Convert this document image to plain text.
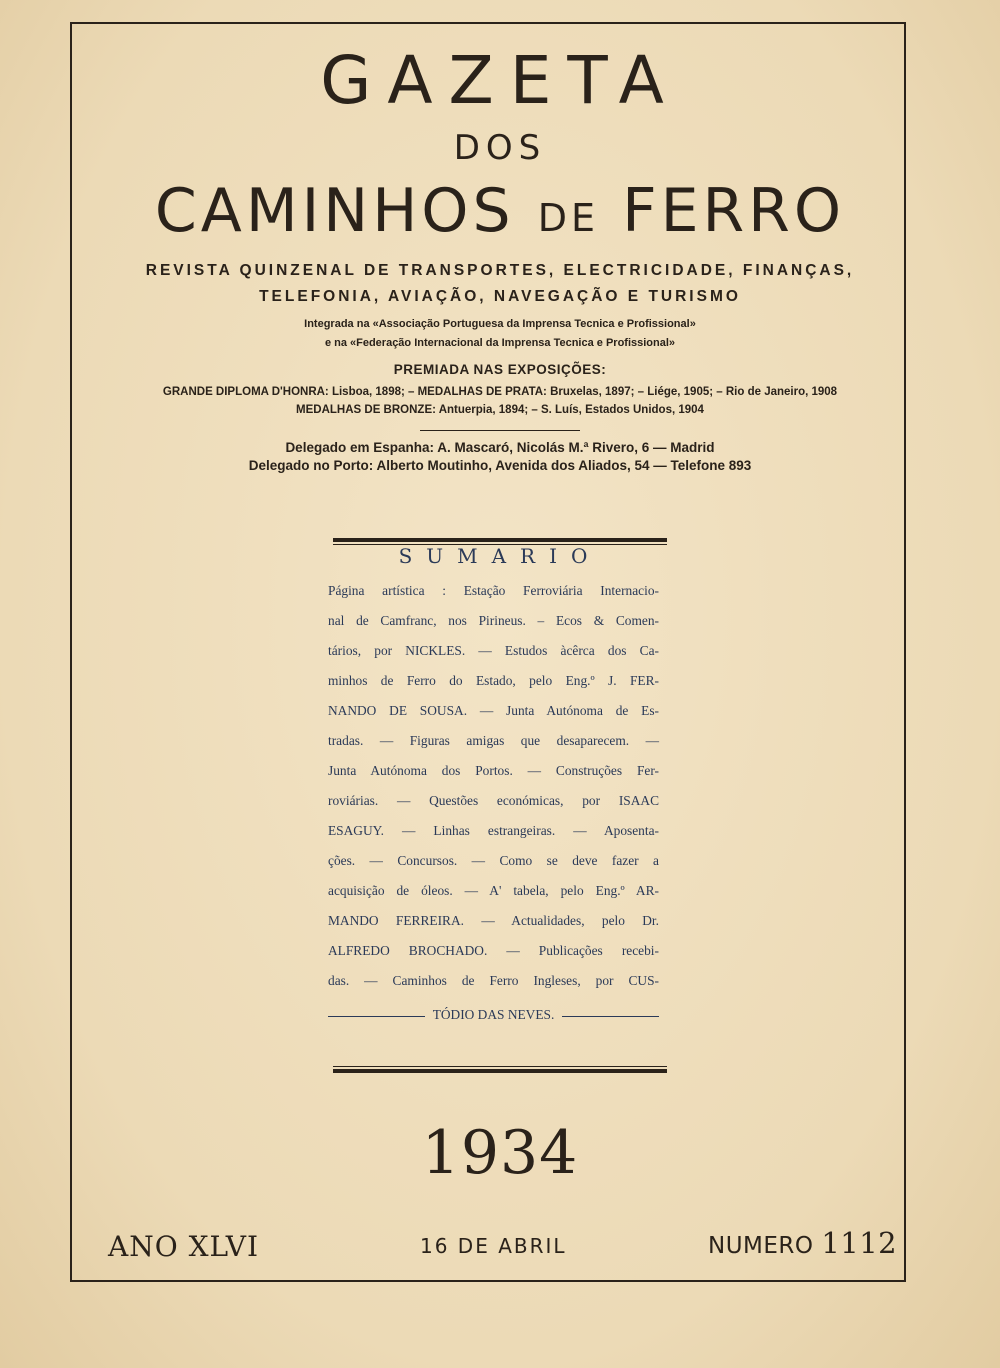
GAZETA
DOS
CAMINHOS DE FERRO
REVISTA QUINZENAL DE TRANSPORTES, ELECTRICIDADE, FINANÇAS,
TELEFONIA, AVIAÇÃO, NAVEGAÇÃO E TURISMO
Integrada na «Associação Portuguesa da Imprensa Tecnica e Profissional»
e na «Federação Internacional da Imprensa Tecnica e Profissional»
PREMIADA NAS EXPOSIÇÕES:
GRANDE DIPLOMA D'HONRA: Lisboa, 1898; – MEDALHAS DE PRATA: Bruxelas, 1897; – Liége, 1905; – Rio de Janeiro, 1908
MEDALHAS DE BRONZE: Antuerpia, 1894; – S. Luís, Estados Unidos, 1904
Delegado em Espanha: A. Mascaró, Nicolás M.ª Rivero, 6 — Madrid
Delegado no Porto: Alberto Moutinho, Avenida dos Aliados, 54 — Telefone 893
SUMARIO
Página artística : Estação Ferroviária Internacio-
nal de Camfranc, nos Pirineus. – Ecos & Comen-
tários, por NICKLES. — Estudos àcêrca dos Ca-
minhos de Ferro do Estado, pelo Eng.º J. FER-
NANDO DE SOUSA. — Junta Autónoma de Es-
tradas. — Figuras amigas que desaparecem. —
Junta Autónoma dos Portos. — Construções Fer-
roviárias. — Questões económicas, por ISAAC
ESAGUY. — Linhas estrangeiras. — Aposenta-
ções. — Concursos. — Como se deve fazer a
acquisição de óleos. — A' tabela, pelo Eng.º AR-
MANDO FERREIRA. — Actualidades, pelo Dr.
ALFREDO BROCHADO. — Publicações recebi-
das. — Caminhos de Ferro Ingleses, por CUS-
TÓDIO DAS NEVES.
1934
ANO XLVI	16 DE ABRIL	NUMERO 1112
